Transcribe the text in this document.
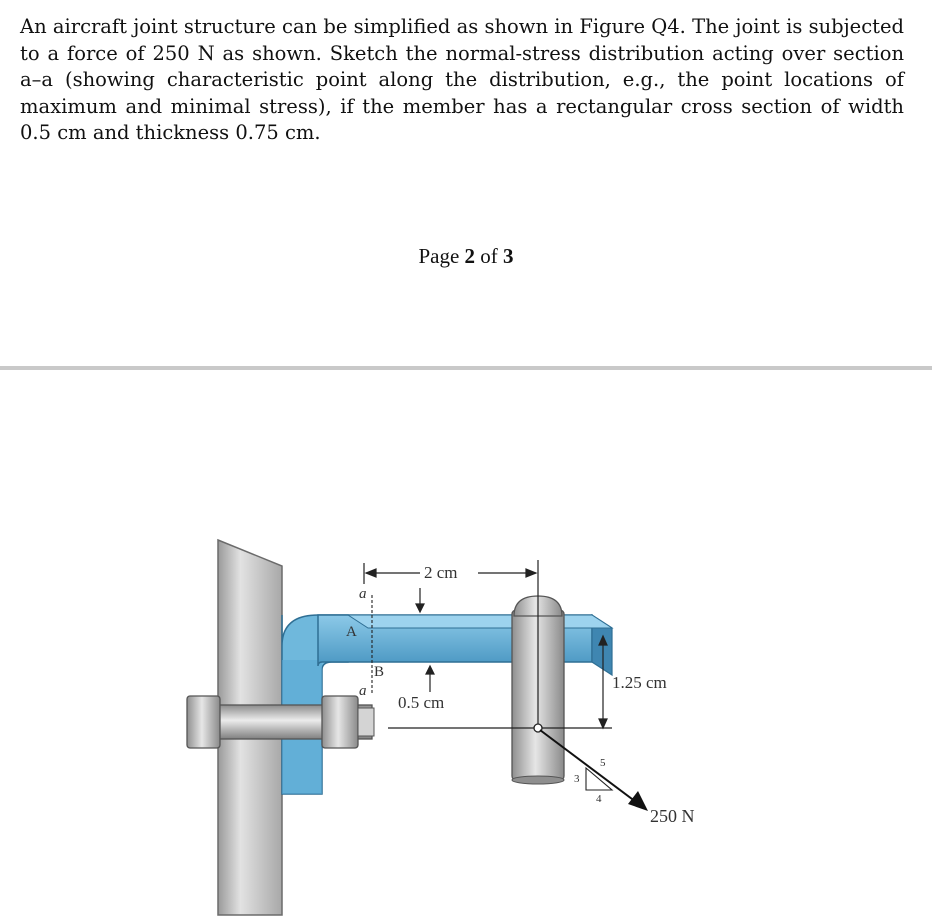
An aircraft joint structure can be simplified as shown in Figure Q4. The joint is subjected to a force of 250 N as shown. Sketch the normal-stress distribution acting over section a–a (showing characteristic point along the distribution, e.g., the point locations of maximum and minimal stress), if the member has a rectangular cross section of width 0.5 cm and thickness 0.75 cm.

Page 2 of 3
2 cm
a
a
A
B
0.5 cm
1.25 cm
250 N
3
4
5
